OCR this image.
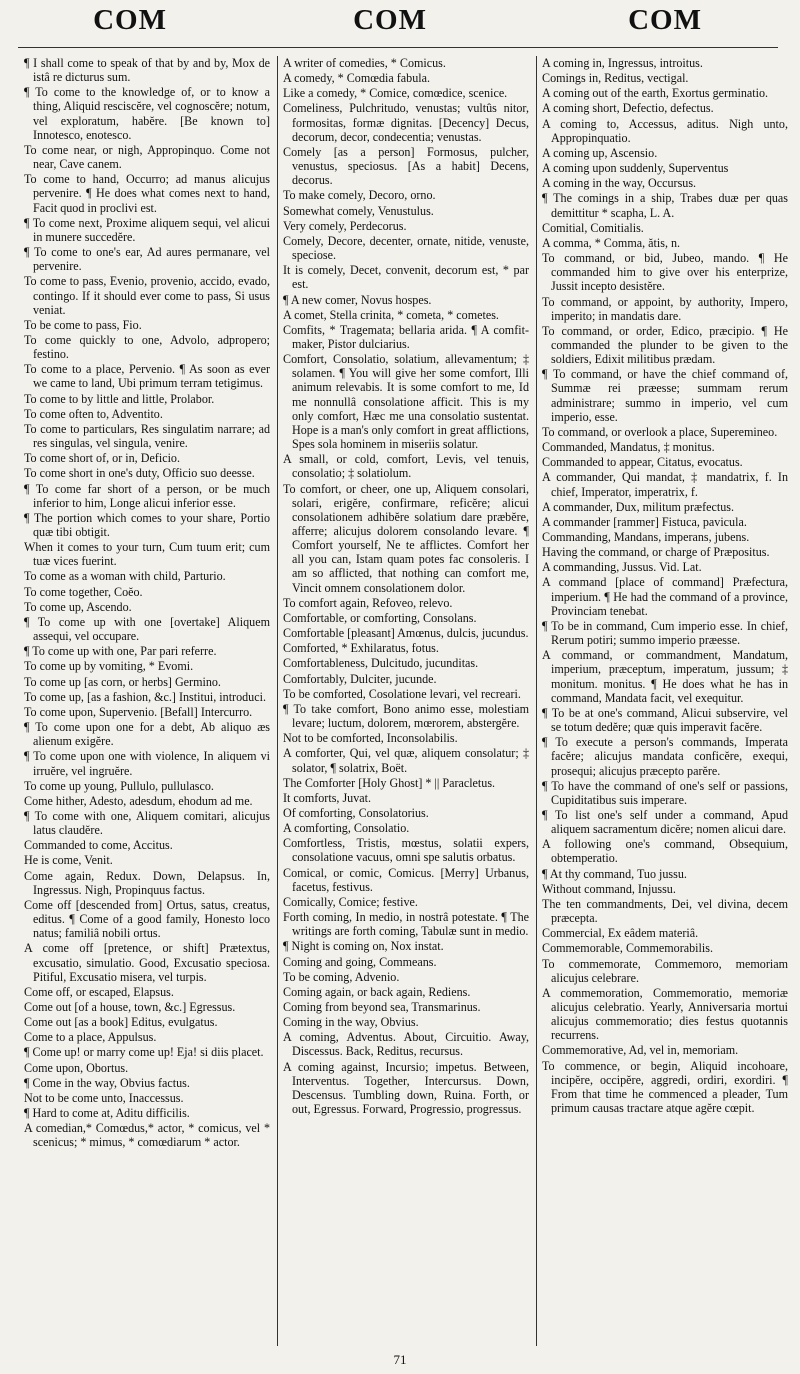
COM	COM	COM
¶ I shall come to speak of that by and by, Mox de istâ re dicturus sum.
¶ To come to the knowledge of, or to know a thing, Aliquid resciscĕre, vel cognoscĕre; notum, vel exploratum, habĕre. [Be known to] Innotesco, enotesco.
To come near, or nigh, Appropinquo. Come not near, Cave canem.
To come to hand, Occurro; ad manus alicujus pervenire. ¶ He does what comes next to hand, Facit quod in proclivi est.
¶ To come next, Proxime aliquem sequi, vel alicui in munere succedĕre.
¶ To come to one's ear, Ad aures permanare, vel pervenire.
To come to pass, Evenio, provenio, accido, evado, contingo. If it should ever come to pass, Si usus veniat.
To be come to pass, Fio.
To come quickly to one, Advolo, adpropero; festino.
To come to a place, Pervenio. ¶ As soon as ever we came to land, Ubi primum terram tetigimus.
To come to by little and little, Prolabor.
To come often to, Adventito.
To come to particulars, Res singulatim narrare; ad res singulas, vel singula, venire.
To come short of, or in, Deficio.
To come short in one's duty, Officio suo deesse.
¶ To come far short of a person, or be much inferior to him, Longe alicui inferior esse.
¶ The portion which comes to your share, Portio quæ tibi obtigit.
When it comes to your turn, Cum tuum erit; cum tuæ vices fuerint.
To come as a woman with child, Parturio.
To come together, Coĕo.
To come up, Ascendo.
¶ To come up with one [overtake] Aliquem assequi, vel occupare.
¶ To come up with one, Par pari referre.
To come up by vomiting, * Evomi.
To come up [as corn, or herbs] Germino.
To come up, [as a fashion, &c.] Institui, introduci.
To come upon, Supervenio. [Befall] Intercurro.
¶ To come upon one for a debt, Ab aliquo æs alienum exigĕre.
¶ To come upon one with violence, In aliquem vi irruĕre, vel ingruĕre.
To come up young, Pullulo, pullulasco.
Come hither, Adesto, adesdum, ehodum ad me.
¶ To come with one, Aliquem comitari, alicujus latus claudĕre.
Commanded to come, Accitus.
He is come, Venit.
Come again, Redux. Down, Delapsus. In, Ingressus. Nigh, Propinquus factus.
Come off [descended from] Ortus, satus, creatus, editus. ¶ Come of a good family, Honesto loco natus; familiâ nobili ortus.
A come off [pretence, or shift] Prætextus, excusatio, simulatio. Good, Excusatio speciosa. Pitiful, Excusatio misera, vel turpis.
Come off, or escaped, Elapsus.
Come out [of a house, town, &c.] Egressus.
Come out [as a book] Editus, evulgatus.
Come to a place, Appulsus.
¶ Come up! or marry come up! Eja! si diis placet.
Come upon, Obortus.
¶ Come in the way, Obvius factus.
Not to be come unto, Inaccessus.
¶ Hard to come at, Aditu difficilis.
A comedian,* Comœdus,* actor, * comicus, vel * scenicus; * mimus, * comœdiarum * actor.
A writer of comedies, * Comicus.
A comedy, * Comœdia fabula.
Like a comedy, * Comice, comœdice, scenice.
Comeliness, Pulchritudo, venustas; vultûs nitor, formositas, formæ dignitas. [Decency] Decus, decorum, decor, condecentia; venustas.
Comely [as a person] Formosus, pulcher, venustus, speciosus. [As a habit] Decens, decorus.
To make comely, Decoro, orno.
Somewhat comely, Venustulus.
Very comely, Perdecorus.
Comely, Decore, decenter, ornate, nitide, venuste, speciose.
It is comely, Decet, convenit, decorum est, * par est.
¶ A new comer, Novus hospes.
A comet, Stella crinita, * cometa, * cometes.
Comfits, * Tragemata; bellaria arida. ¶ A comfit-maker, Pistor dulciarius.
Comfort, Consolatio, solatium, allevamentum; ‡ solamen. ¶ You will give her some comfort, Illi animum relevabis. It is some comfort to me, Id me nonnullâ consolatione afficit. This is my only comfort, Hæc me una consolatio sustentat. Hope is a man's only comfort in great afflictions, Spes sola hominem in miseriis solatur.
A small, or cold, comfort, Levis, vel tenuis, consolatio; ‡ solatiolum.
To comfort, or cheer, one up, Aliquem consolari, solari, erigĕre, confirmare, reficĕre; alicui consolationem adhibĕre solatium dare præbĕre, afferre; alicujus dolorem consolando levare. ¶ Comfort yourself, Ne te afflictes. Comfort her all you can, Istam quam potes fac consoleris. I am so afflicted, that nothing can comfort me, Vincit omnem consolationem dolor.
To comfort again, Refoveo, relevo.
Comfortable, or comforting, Consolans.
Comfortable [pleasant] Amœnus, dulcis, jucundus.
Comforted, * Exhilaratus, fotus.
Comfortableness, Dulcitudo, jucunditas.
Comfortably, Dulciter, jucunde.
To be comforted, Cosolatione levari, vel recreari.
¶ To take comfort, Bono animo esse, molestiam levare; luctum, dolorem, mœrorem, abstergĕre.
Not to be comforted, Inconsolabilis.
A comforter, Qui, vel quæ, aliquem consolatur; ‡ solator, ¶ solatrix, Boët.
The Comforter [Holy Ghost] * || Paracletus.
It comforts, Juvat.
Of comforting, Consolatorius.
A comforting, Consolatio.
Comfortless, Tristis, mœstus, solatii expers, consolatione vacuus, omni spe salutis orbatus.
Comical, or comic, Comicus. [Merry] Urbanus, facetus, festivus.
Comically, Comice; festive.
Forth coming, In medio, in nostrâ potestate. ¶ The writings are forth coming, Tabulæ sunt in medio.
¶ Night is coming on, Nox instat.
Coming and going, Commeans.
To be coming, Advenio.
Coming again, or back again, Rediens.
Coming from beyond sea, Transmarinus.
Coming in the way, Obvius.
A coming, Adventus. About, Circuitio. Away, Discessus. Back, Reditus, recursus.
A coming against, Incursio; impetus. Between, Interventus. Together, Intercursus. Down, Descensus. Tumbling down, Ruina. Forth, or out, Egressus. Forward, Progressio, progressus.
A coming in, Ingressus, introitus.
Comings in, Reditus, vectigal.
A coming out of the earth, Exortus germinatio.
A coming short, Defectio, defectus.
A coming to, Accessus, aditus. Nigh unto, Appropinquatio.
A coming up, Ascensio.
A coming upon suddenly, Superventus
A coming in the way, Occursus.
¶ The comings in a ship, Trabes duæ per quas demittitur * scapha, L. A.
Comitial, Comitialis.
A comma, * Comma, ătis, n.
To command, or bid, Jubeo, mando. ¶ He commanded him to give over his enterprize, Jussit incepto desistĕre.
To command, or appoint, by authority, Impero, imperito; in mandatis dare.
To command, or order, Edico, præcipio. ¶ He commanded the plunder to be given to the soldiers, Edixit militibus prædam.
¶ To command, or have the chief command of, Summæ rei præesse; summam rerum administrare; summo in imperio, vel cum imperio, esse.
To command, or overlook a place, Superemineo.
Commanded, Mandatus, ‡ monitus.
Commanded to appear, Citatus, evocatus.
A commander, Qui mandat, ‡ mandatrix, f. In chief, Imperator, imperatrix, f.
A commander, Dux, militum præfectus.
A commander [rammer] Fistuca, pavicula.
Commanding, Mandans, imperans, jubens.
Having the command, or charge of Præpositus.
A commanding, Jussus. Vid. Lat.
A command [place of command] Præfectura, imperium. ¶ He had the command of a province, Provinciam tenebat.
¶ To be in command, Cum imperio esse. In chief, Rerum potiri; summo imperio præesse.
A command, or commandment, Mandatum, imperium, præceptum, imperatum, jussum; ‡ monitum. monitus. ¶ He does what he has in command, Mandata facit, vel exequitur.
¶ To be at one's command, Alicui subservire, vel se totum dedĕre; quæ quis imperavit facĕre.
¶ To execute a person's commands, Imperata facĕre; alicujus mandata conficĕre, exequi, prosequi; alicujus præcepto parĕre.
¶ To have the command of one's self or passions, Cupiditatibus suis imperare.
¶ To list one's self under a command, Apud aliquem sacramentum dicĕre; nomen alicui dare.
A following one's command, Obsequium, obtemperatio.
¶ At thy command, Tuo jussu.
Without command, Injussu.
The ten commandments, Dei, vel divina, decem præcepta.
Commercial, Ex eâdem materiâ.
Commemorable, Commemorabilis.
To commemorate, Commemoro, memoriam alicujus celebrare.
A commemoration, Commemoratio, memoriæ alicujus celebratio. Yearly, Anniversaria mortui alicujus commemoratio; dies festus quotannis recurrens.
Commemorative, Ad, vel in, memoriam.
To commence, or begin, Aliquid incohoare, incipĕre, occipĕre, aggredi, ordiri, exordiri. ¶ From that time he commenced a pleader, Tum primum causas tractare atque agĕre cœpit.
71
